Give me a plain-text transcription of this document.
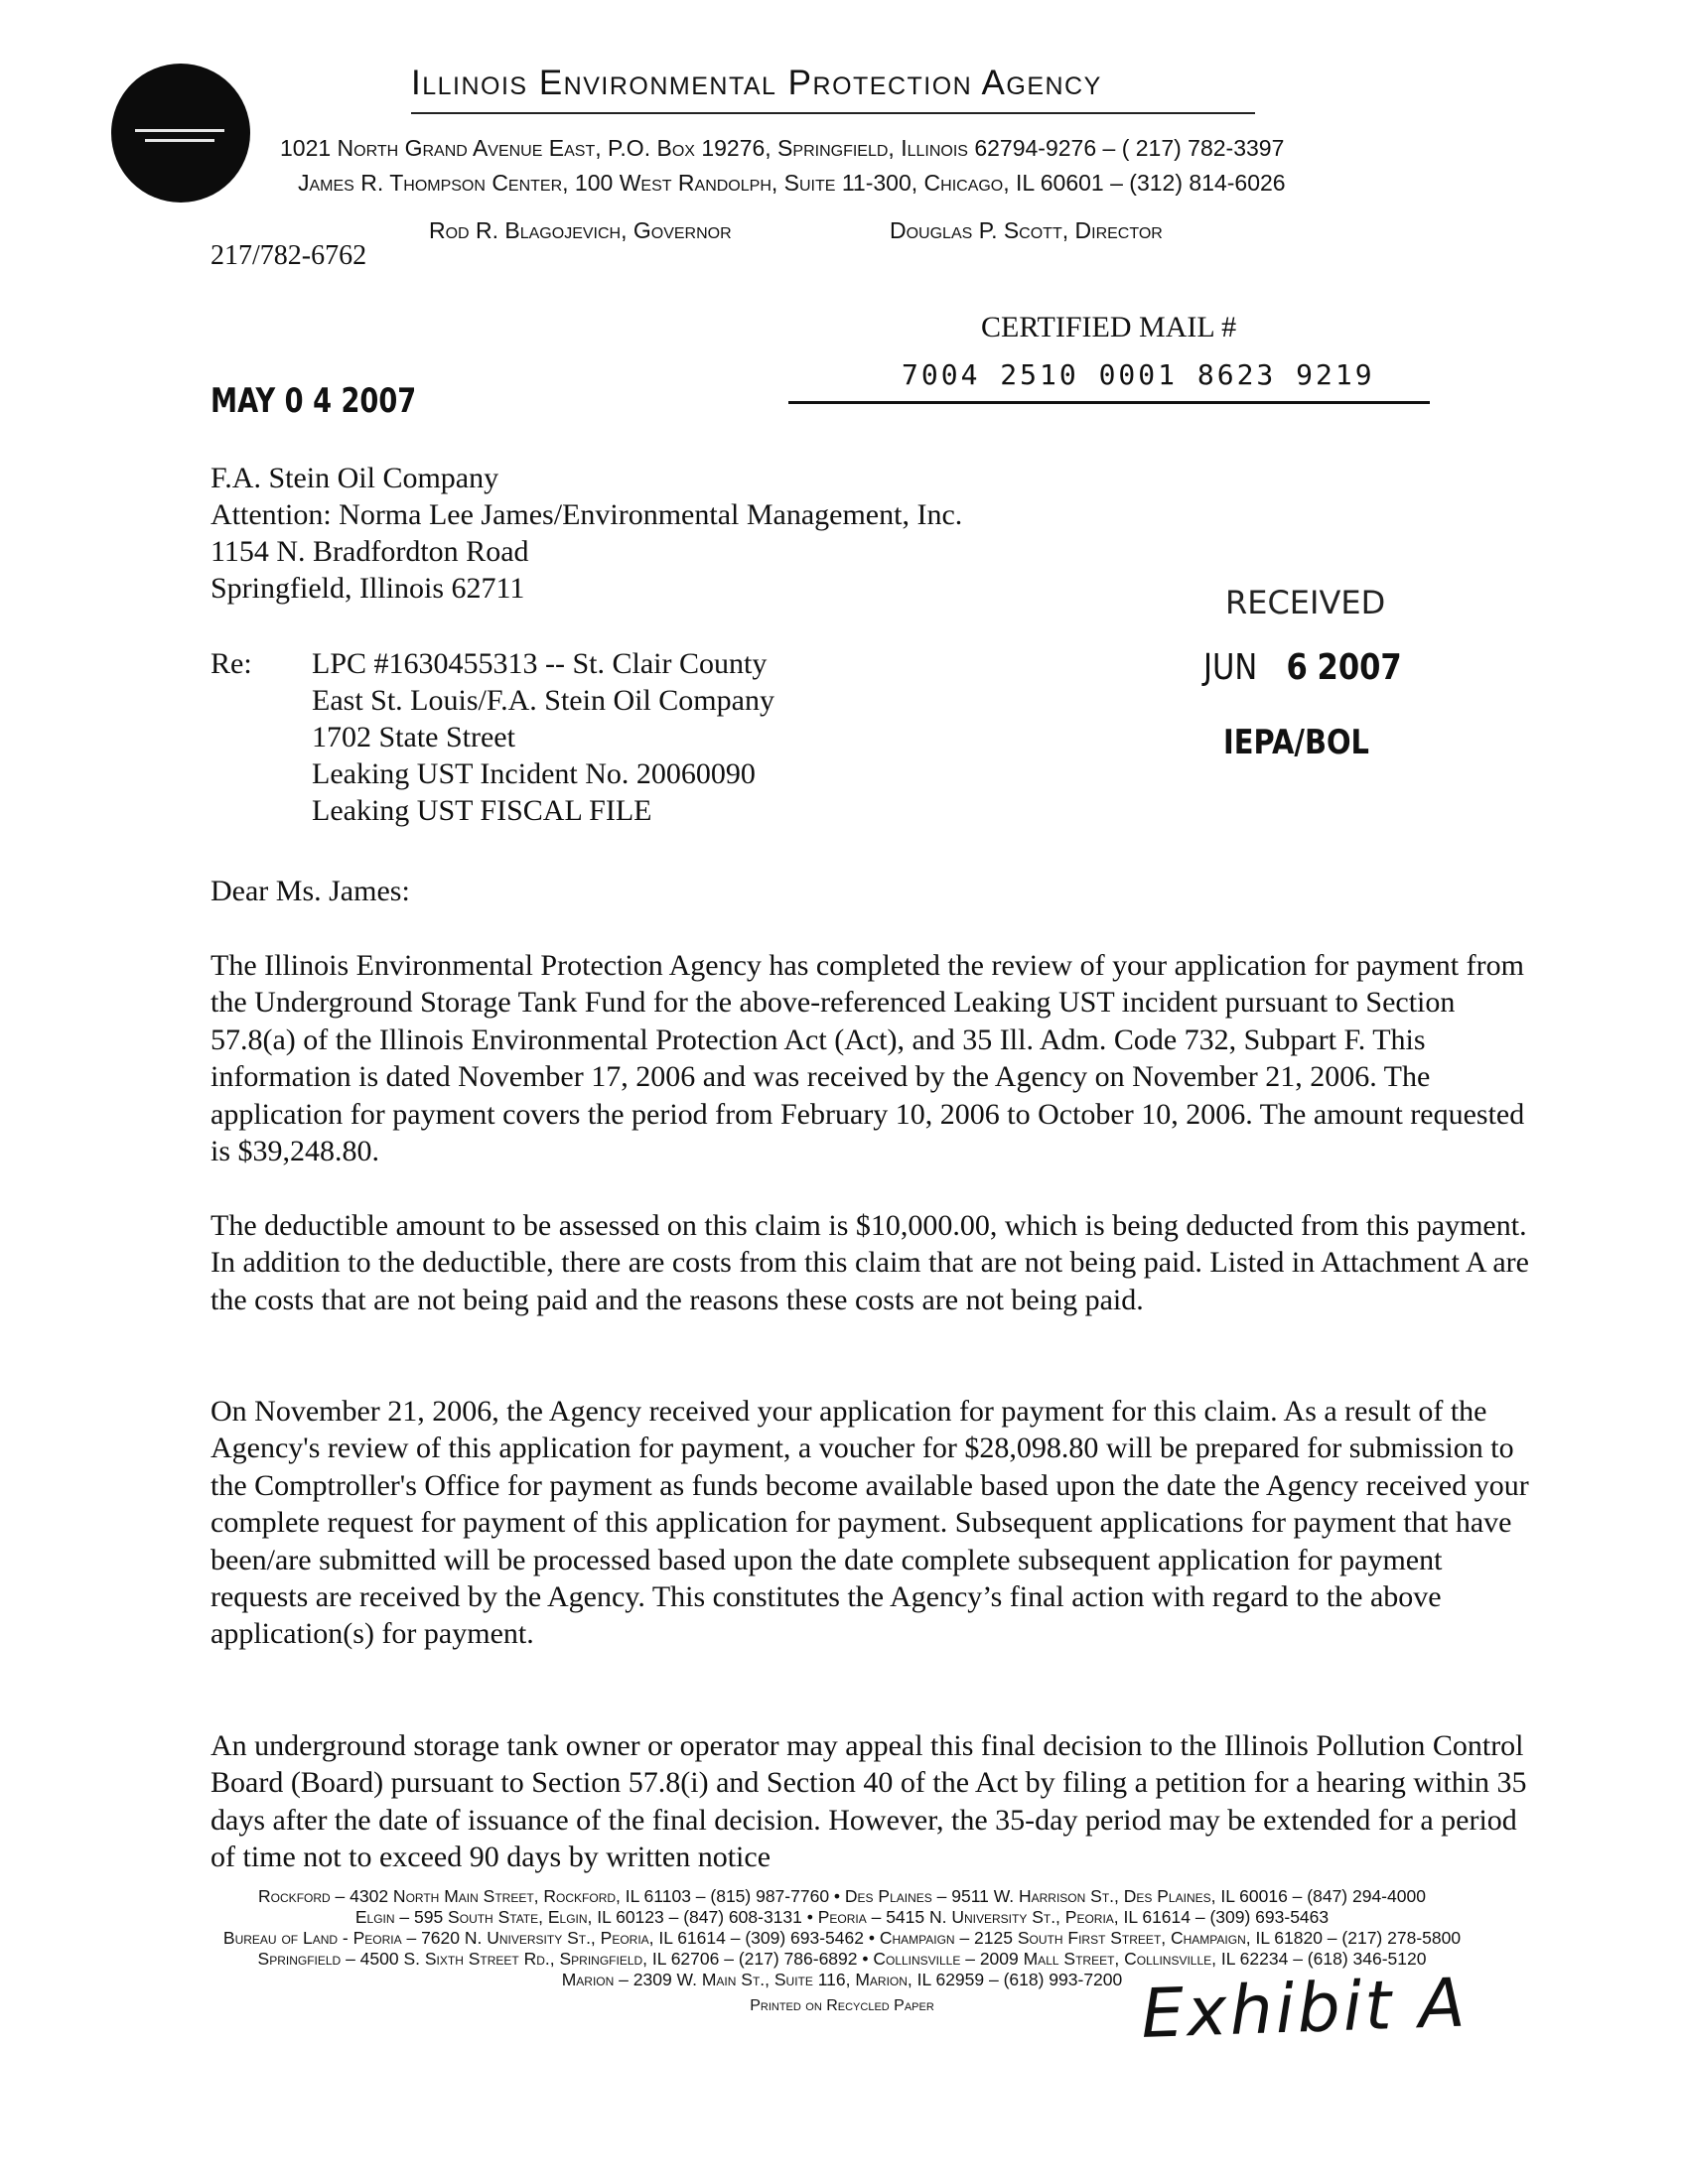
Illinois Environmental Protection Agency
1021 North Grand Avenue East, P.O. Box 19276, Springfield, Illinois 62794-9276 – ( 217) 782-3397
James R. Thompson Center, 100 West Randolph, Suite 11-300, Chicago, IL 60601 – (312) 814-6026
Rod R. Blagojevich, Governor	Douglas P. Scott, Director
217/782-6762
CERTIFIED MAIL #
7004 2510 0001 8623 9219
MAY 0 4 2007
F.A. Stein Oil Company
Attention: Norma Lee James/Environmental Management, Inc.
1154 N. Bradfordton Road
Springfield, Illinois 62711	RECEIVED
JUN 6 2007
IEPA/BOL
Re: LPC #1630455313 -- St. Clair County
East St. Louis/F.A. Stein Oil Company
1702 State Street
Leaking UST Incident No. 20060090
Leaking UST FISCAL FILE
Dear Ms. James:

The Illinois Environmental Protection Agency has completed the review of your application for payment from the Underground Storage Tank Fund for the above-referenced Leaking UST incident pursuant to Section 57.8(a) of the Illinois Environmental Protection Act (Act), and 35 Ill. Adm. Code 732, Subpart F. This information is dated November 17, 2006 and was received by the Agency on November 21, 2006. The application for payment covers the period from February 10, 2006 to October 10, 2006. The amount requested is $39,248.80.

The deductible amount to be assessed on this claim is $10,000.00, which is being deducted from this payment. In addition to the deductible, there are costs from this claim that are not being paid. Listed in Attachment A are the costs that are not being paid and the reasons these costs are not being paid.

On November 21, 2006, the Agency received your application for payment for this claim. As a result of the Agency's review of this application for payment, a voucher for $28,098.80 will be prepared for submission to the Comptroller's Office for payment as funds become available based upon the date the Agency received your complete request for payment of this application for payment. Subsequent applications for payment that have been/are submitted will be processed based upon the date complete subsequent application for payment requests are received by the Agency. This constitutes the Agency’s final action with regard to the above application(s) for payment.

An underground storage tank owner or operator may appeal this final decision to the Illinois Pollution Control Board (Board) pursuant to Section 57.8(i) and Section 40 of the Act by filing a petition for a hearing within 35 days after the date of issuance of the final decision. However, the 35-day period may be extended for a period of time not to exceed 90 days by written notice

Rockford – 4302 North Main Street, Rockford, IL 61103 – (815) 987-7760 • Des Plaines – 9511 W. Harrison St., Des Plaines, IL 60016 – (847) 294-4000
Elgin – 595 South State, Elgin, IL 60123 – (847) 608-3131 • Peoria – 5415 N. University St., Peoria, IL 61614 – (309) 693-5463
Bureau of Land - Peoria – 7620 N. University St., Peoria, IL 61614 – (309) 693-5462 • Champaign – 2125 South First Street, Champaign, IL 61820 – (217) 278-5800
Springfield – 4500 S. Sixth Street Rd., Springfield, IL 62706 – (217) 786-6892 • Collinsville – 2009 Mall Street, Collinsville, IL 62234 – (618) 346-5120
Marion – 2309 W. Main St., Suite 116, Marion, IL 62959 – (618) 993-7200
Printed on Recycled Paper	Exhibit A
